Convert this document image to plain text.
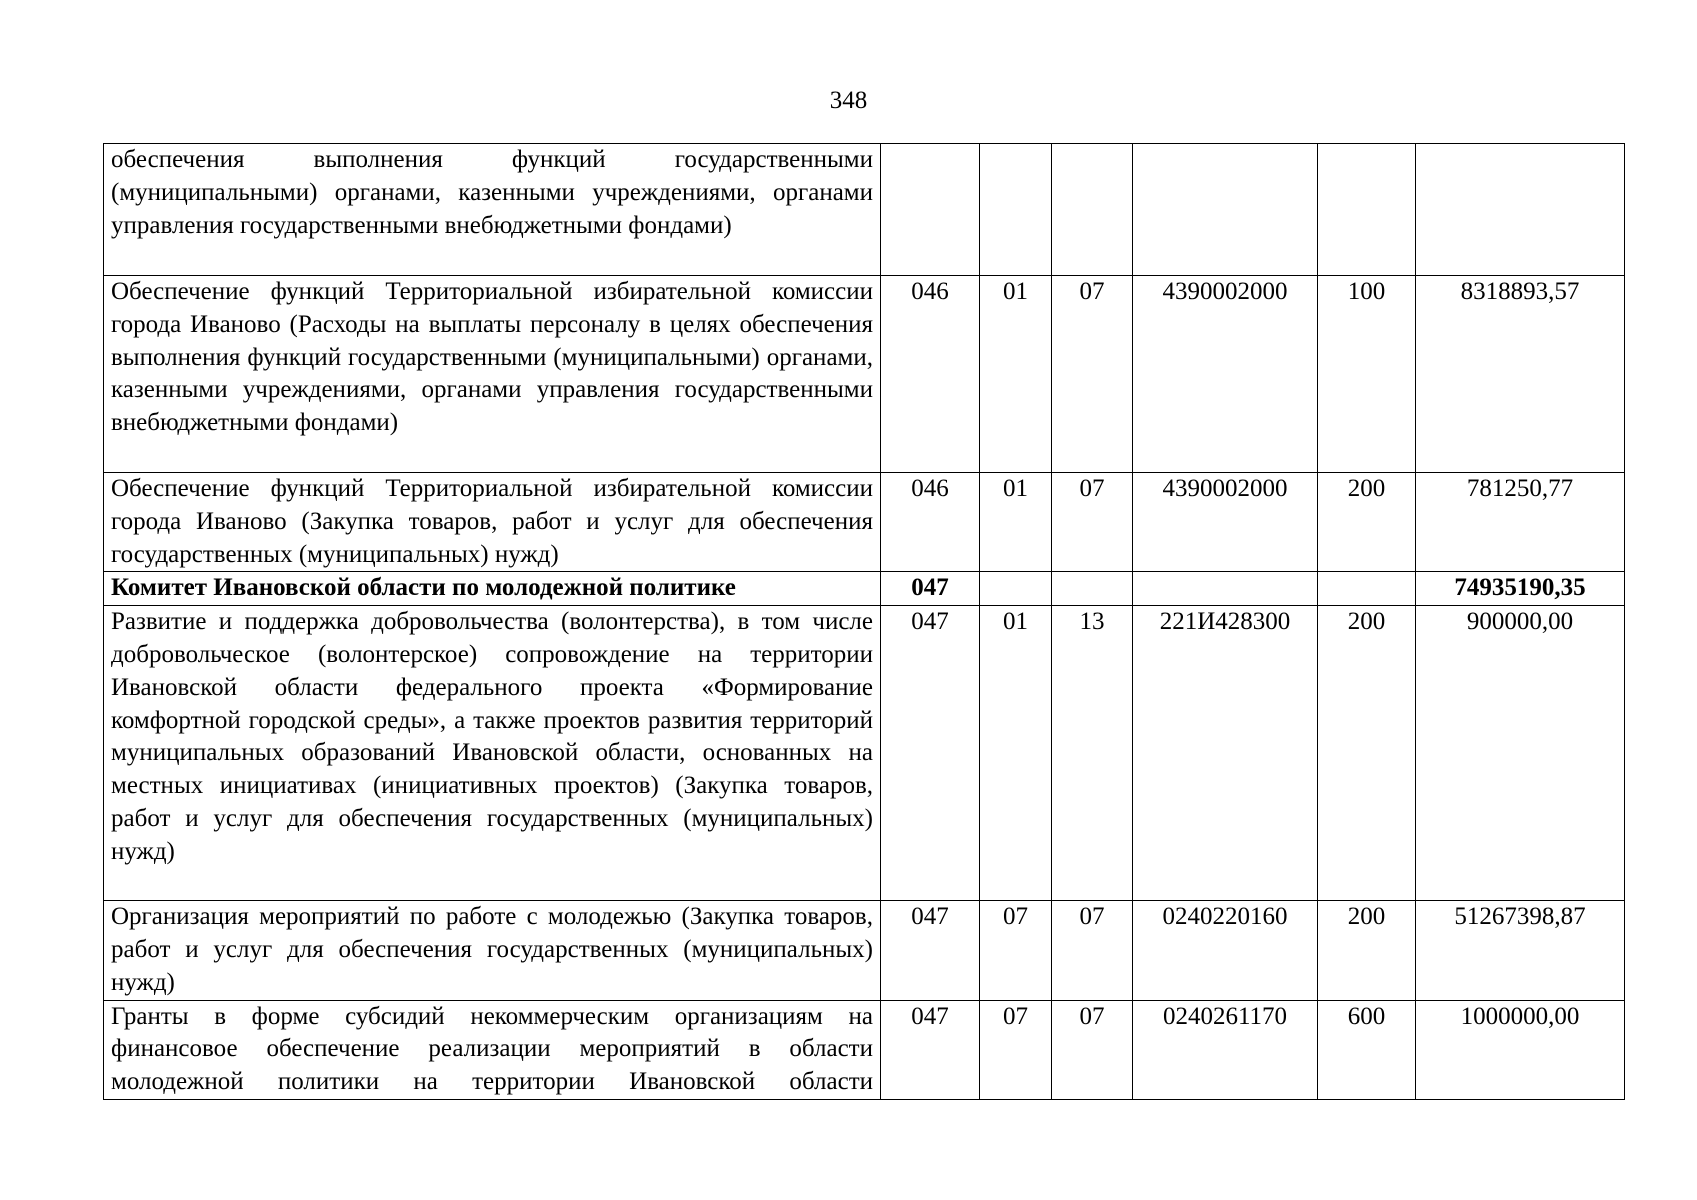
348
обеспечения выполнения функций государственными (муниципальными) органами, казенными учреждениями, органами управления государственными внебюджетными фондами)						
Обеспечение функций Территориальной избирательной комиссии города Иваново (Расходы на выплаты персоналу в целях обеспечения выполнения функций государственными (муниципальными) органами, казенными учреждениями, органами управления государственными внебюджетными фондами)	046	01	07	4390002000	100	8318893,57
Обеспечение функций Территориальной избирательной комиссии города Иваново (Закупка товаров, работ и услуг для обеспечения государственных (муниципальных) нужд)	046	01	07	4390002000	200	781250,77
Комитет Ивановской области по молодежной политике	047					74935190,35
Развитие и поддержка добровольчества (волонтерства), в том числе добровольческое (волонтерское) сопровождение на территории Ивановской области федерального проекта «Формирование комфортной городской среды», а также проектов развития территорий муниципальных образований Ивановской области, основанных на местных инициативах (инициативных проектов) (Закупка товаров, работ и услуг для обеспечения государственных (муниципальных) нужд)	047	01	13	221И428300	200	900000,00
Организация мероприятий по работе с молодежью (Закупка товаров, работ и услуг для обеспечения государственных (муниципальных) нужд)	047	07	07	0240220160	200	51267398,87
Гранты в форме субсидий некоммерческим организациям на финансовое обеспечение реализации мероприятий в области молодежной политики на территории Ивановской области	047	07	07	0240261170	600	1000000,00
